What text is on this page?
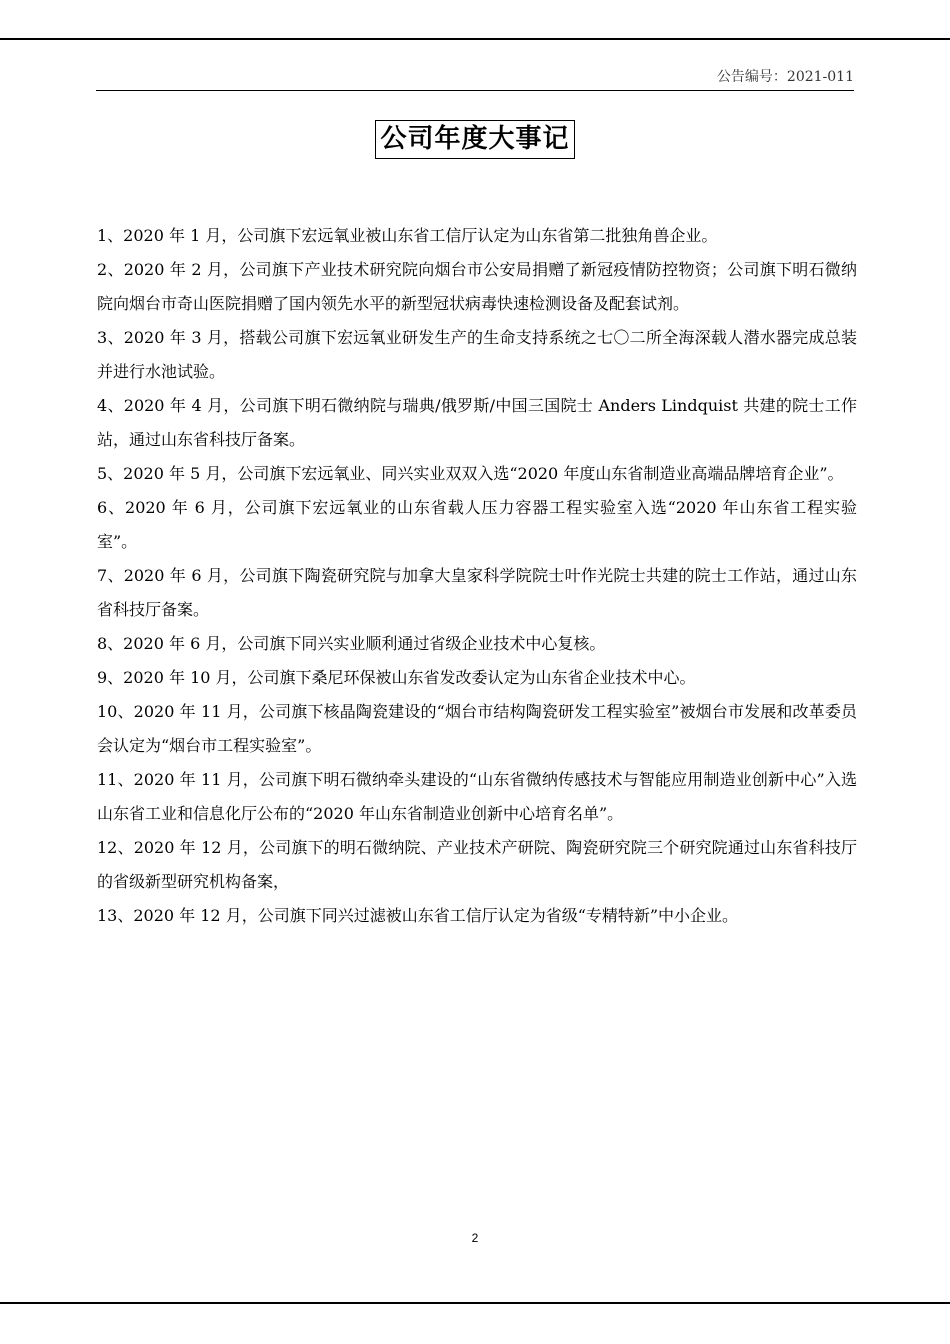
公告编号：2021-011
公司年度大事记
1、2020 年 1 月，公司旗下宏远氧业被山东省工信厅认定为山东省第二批独角兽企业。
2、2020 年 2 月，公司旗下产业技术研究院向烟台市公安局捐赠了新冠疫情防控物资；公司旗下明石微纳院向烟台市奇山医院捐赠了国内领先水平的新型冠状病毒快速检测设备及配套试剂。
3、2020 年 3 月，搭载公司旗下宏远氧业研发生产的生命支持系统之七〇二所全海深载人潜水器完成总装并进行水池试验。
4、2020 年 4 月，公司旗下明石微纳院与瑞典/俄罗斯/中国三国院士 Anders Lindquist 共建的院士工作站，通过山东省科技厅备案。
5、2020 年 5 月，公司旗下宏远氧业、同兴实业双双入选“2020 年度山东省制造业高端品牌培育企业”。
6、2020 年 6 月，公司旗下宏远氧业的山东省载人压力容器工程实验室入选“2020 年山东省工程实验室”。
7、2020 年 6 月，公司旗下陶瓷研究院与加拿大皇家科学院院士叶作光院士共建的院士工作站，通过山东省科技厅备案。
8、2020 年 6 月，公司旗下同兴实业顺利通过省级企业技术中心复核。
9、2020 年 10 月，公司旗下桑尼环保被山东省发改委认定为山东省企业技术中心。
10、2020 年 11 月，公司旗下核晶陶瓷建设的“烟台市结构陶瓷研发工程实验室”被烟台市发展和改革委员会认定为“烟台市工程实验室”。
11、2020 年 11 月，公司旗下明石微纳牵头建设的“山东省微纳传感技术与智能应用制造业创新中心”入选山东省工业和信息化厅公布的“2020 年山东省制造业创新中心培育名单”。
12、2020 年 12 月，公司旗下的明石微纳院、产业技术产研院、陶瓷研究院三个研究院通过山东省科技厅的省级新型研究机构备案，
13、2020 年 12 月，公司旗下同兴过滤被山东省工信厅认定为省级“专精特新”中小企业。
2
